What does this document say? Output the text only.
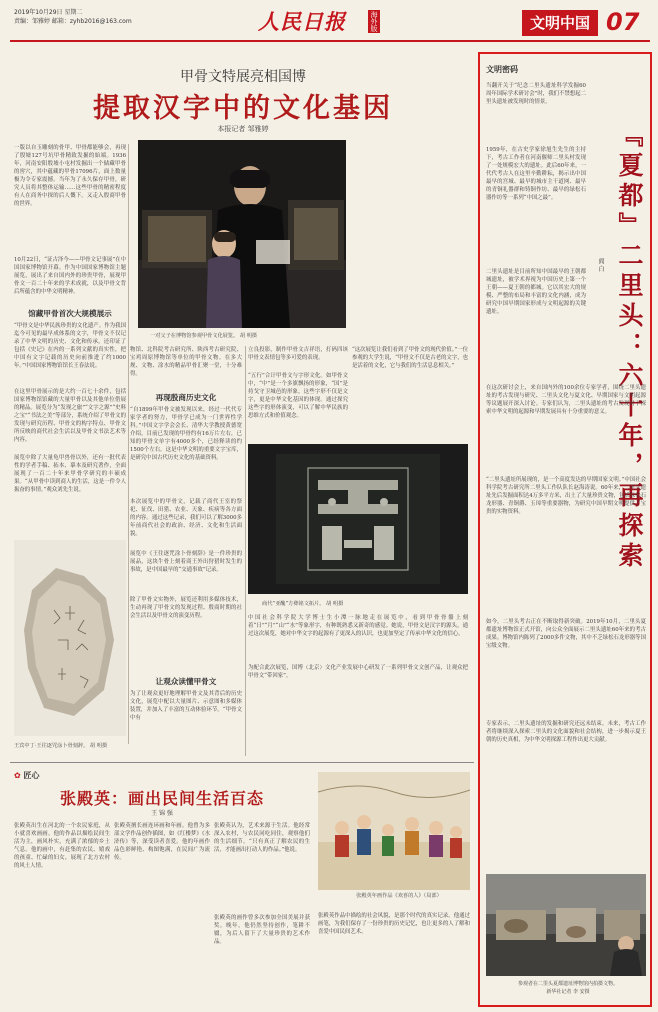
2019年10月29日 星期二
责编：邹雅婷 邮箱：zyhb2016@163.com	人民日报	海外版	文明中国 07
甲骨文特展亮相国博
提取汉字中的文化基因
本报记者 邹雅婷
一版以自玉雕刻的骨甲、甲骨都能够会，再现了殷墟127号坑甲骨精致发掘的始端。1936年，河南安阳殷墟小屯村发掘出一个储藏甲骨的窖穴，其中蕴藏的甲骨17096片，面上数量极为令专家震撼。当年为了永久保存甲骨，研究人员将其整体运输……这些甲骨的精密程度有人在商务中探的后人慨下。又走入殷商甲骨的世界。
10月22日，“证古泽今——甲骨文记事展”在中国国家博物馆开幕。作为中国国家博物馆主题展览，展出了来自国内外的珍贵甲骨，展现甲骨文一百二十年来的学术成就，以及甲骨文背后所蕴含的中华文明精神。
馆藏甲骨首次大规模展示
“甲骨文是中华民族珍贵的文化遗产。作为我国迄今可见的最早成体系的文字，甲骨文不仅记录了中华文明的历史、文化和传承，还印证了包括《史记》在内的一系列文献的真实性，把中国有文字记载的历史向前推进了约1000年。”中国国家博物馆馆长王春法说。
在这里甲骨展示的是大约一百七十余件，包括国家博物馆馆藏的大量甲骨以及其他单位借展的精品。展览分为“发现之旅”“文字之源”“史料之宝”“书法之美”等部分，系统介绍了甲骨文的发现与研究历程、甲骨文的构字特点、甲骨文所反映的商代社会生活以及甲骨文书法艺术等内容。
展览中除了大量龟甲兽骨以外，还有一批代表性的学者手稿、拓本、摹本及研究著作，全面展现了一百二十年来甲骨学研究的丰硕成果。“从甲骨中读到商人的生活，这是一件令人振奋的事情。”观众刘先生说。
一对父子在博物馆参观甲骨文化展览。 胡 明摄
物馆、北科院考古研究所、陕西考古研究院、宝鸡周原博物馆等单位的甲骨文物。在多大规、文物、涂水的精品甲骨汇聚一堂，十分难得。
再现殷商历史文化
“自1899年甲骨文被发现以来，经过一代代专家学者的努力，甲骨学已成为一门世界性学科。”中国文字学会会长、清华大学教授黄德宽介绍，目前已发现的甲骨约有16万片左右，已知的甲骨文单字有4000多个，已经释读的约1500个左右。这是中华文明的重要文字宝库，是研究中国古代历史文化的基础资料。
本次展览中的甲骨文，记载了商代王室的祭祀、征伐、田猎、农业、天象、疾病等各方面的内容。通过这些记录，我们可以了解3000多年前商代社会的政治、经济、文化和生活面貌。
展览中《王往逐咒涂卜骨刻辞》是一件珍贵的展品，这块牛骨上刻着商王外出狩猎时发生的事故，是中国最早的“交通事故”记录。
除了甲骨文实物外，展览还利用多媒体技术，生动再现了甲骨文的发现过程、殷商时期的社会生活以及甲骨文的演变历程。
让观众读懂甲骨文
为了让观众更好地理解甲骨文及其背后的历史文化，展览中配以大量图片、示意图和多媒体装置，并加入了丰富的互动体验环节。“甲骨文中有
王宾中丁·王往逐咒涂卜骨刻辞。 胡 明摄
立良投影，制作甲骨文吉祥语，打码四该甲骨文表情包等多可爱的表现。
“五行”合计甲骨文与字形文化。如甲骨文中，“中”是一个多旗飘扬的形象，“国”是持戈守卫城邑的形象，这些字形不仅是文字，更是中华文化基因的体现。通过探究这些字的形体演变，可以了解中华民族的思维方式和价值观念。
“这次展览让我们看到了甲骨文的现代价值。”一位参观的大学生说，“甲骨文不仅是古老的文字，也是活着的文化，它与我们的生活息息相关。”
商代“亚醜”方彝铭文拓片。 胡 明摄
中国社会科学院大学博士生小潭一脉地走在展览中，看到甲骨骨骼上刻着“日”“月”“山”“水”等象形字，有种既熟悉又新奇的感觉。她说，甲骨文是汉字的源头，通过这次展览，她对中华文字的起源有了更深入的认识，也更加坚定了传承中华文化的信心。
为配合此次展览，国博（北京）文化产业发展中心研发了一系列甲骨文文创产品，让观众把甲骨文“带回家”。
文明密码
『夏都』二里头：六十年，再探索
阎 白
当翻开关于“纪念二里头遗址科学发掘60周年国际学术研讨会”时，我们不禁想起二里头遗址被发现时的情景。
1959年，在古史学家徐旭生先生的主持下，考古工作者在河南偃师二里头村发现了一处规模宏大的遗址。此后60年来，一代代考古人在这里辛勤耕耘，揭示出中国最早的宫城、最早的城市主干道网、最早的青铜礼器群和铸铜作坊、最早的绿松石器作坊等一系列“中国之最”。
二里头遗址是目前所知中国最早的王朝都城遗址，被学术界视为中国历史上第一个王朝——夏王朝的都城。它以其宏大的规模、严整的布局和丰富的文化内涵，成为研究中国早期国家形成与文明起源的关键遗址。
在这次研讨会上，来自国内外的100余位专家学者，围绕二里头遗址的考古发现与研究、二里头文化与夏文化、早期国家与文明起源等议题展开深入讨论。专家们认为，二里头遗址的考古发现对于探索中华文明的起源和早期发展具有十分重要的意义。
“二里头遗址所展现的，是一个高度发达的早期国家文明。”中国社会科学院考古研究所二里头工作队队长赵海涛说。60年来，二里头遗址先后发掘面积达4万多平方米，出土了大量珍贵文物，包括绿松石龙形器、青铜爵、玉璋等重要器物，为研究中国早期文明提供了宝贵的实物资料。
如今，二里头考古正在不断取得新突破。2019年10月，二里头夏都遗址博物馆正式开馆，向公众全面展示二里头遗址60年来的考古成果。博物馆内陈列了2000多件文物，其中不乏绿松石龙形器等国宝级文物。
专家表示，二里头遗址的发掘和研究还远未结束。未来，考古工作者将继续深入探索二里头的文化面貌和社会结构，进一步揭示夏王朝的历史真相，为中华文明探源工程作出更大贡献。
参观者在二里头夏都遗址博物馆内拍摄文物。
新华社记者 李 安摄
✿ 匠心
张殿英：画出民间生活百态
王 锦 强
张殿英出生在河北的一个农民家庭，从小就喜欢画画。他的作品以描绘民间生活为主，画风朴实，充满了浓郁的乡土气息。他的画中，有赶集的农民、嬉戏的孩童、忙碌的妇女，展现了北方农村的风土人情。
张殿英擅长画连环画和年画。他曾为多部文学作品创作插图，如《红楼梦》《水浒传》等，深受读者喜爱。他的年画作品色彩鲜艳、构图饱满，在民间广为流传。
张殿英认为，艺术来源于生活。他经常深入农村，与农民同吃同住，观察他们的生活细节。“只有真正了解农民的生活，才能画出打动人的作品。”他说。
张殿英的画作曾多次参加全国美展并获奖。晚年，他仍然坚持创作，笔耕不辍，为后人留下了大量珍贵的艺术作品。
张殿英作品中描绘的社会风貌，是那个时代的真实记录。他通过画笔，为我们保存了一份珍贵的历史记忆，也让更多的人了解和喜爱中国民间艺术。
张殿英年画作品《欢喜的人》（局部）
